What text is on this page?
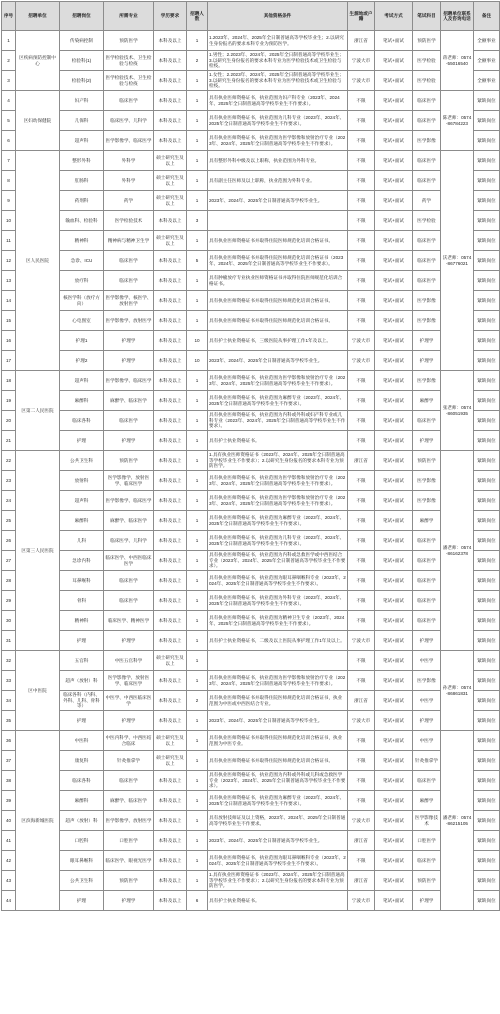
序号	招聘单位	招聘岗位	所需专业	学历要求	招聘人数	其他资格条件	生源地或户籍	考试方式	笔试科目	招聘单位联系人及咨询电话	备注
1	区疾病预防控制中心	传染病控制	预防医学	本科及以上	1	1.2023年、2024年、2025年全日制普通高等学校毕业生；2.以研究生身份报名的要求本科专业为预防医学。	浙江省	笔试+面试	预防医学	蒋老师：0574-55016540	全额事业
2		检验科(1)	医学检验技术、卫生检验与检疫	本科及以上	2	1.男性；2.2023年、2024年、2025年全日制普通高等学校毕业生；3.以研究生身份报名的要求本科专业为医学检验技术或卫生检验与检疫。	宁波大市	笔试+面试	医学检验		全额事业
3		检验科(2)	医学检验技术、卫生检验与检疫	本科及以上	1	1.女性；2.2023年、2024年、2025年全日制普通高等学校毕业生；3.以研究生身份报名的要求本科专业为医学检验技术或卫生检验与检疫。	宁波大市	笔试+面试	医学检验		全额事业
4	区妇幼保健院	妇产科	临床医学	本科及以上	1	具有执业医师资格证书，执业范围为妇产科专业（2023年、2024年、2025年全日制普通高等学校毕业生不作要求）。	不限	笔试+面试	临床医学	陈老师：0574-86784223	紧缺岗位
5		儿保科	临床医学、儿科学	本科及以上	1	具有执业医师资格证书，执业范围为儿科专业（2023年、2024年、2025年全日制普通高等学校毕业生不作要求）。	不限	笔试+面试	临床医学		紧缺岗位
6		超声科	医学影像学、临床医学	本科及以上	1	具有执业医师资格证书，执业范围为医学影像和放射治疗专业（2023年、2024年、2025年全日制普通高等学校毕业生不作要求）。	不限	笔试+面试	医学影像		紧缺岗位
7	区人民医院	整形外科	外科学	硕士研究生及以上	1	具有整形外科中级及以上职称，执业范围为外科专业。	不限	笔试+面试	临床医学	沃老师：0574-86776021	紧缺岗位
8		肛肠科	外科学	硕士研究生及以上	1	具有副主任医师及以上职称，执业范围为外科专业。	不限	笔试+面试	临床医学		紧缺岗位
9		药剂科	药学	硕士研究生及以上	1	2023年、2024年、2025年全日制普通高等学校毕业生。	不限	笔试+面试	药学		紧缺岗位
10		输血科、检验科	医学检验技术	本科及以上	3		不限	笔试+面试	医学检验		紧缺岗位
11		精神科	精神病与精神卫生学	硕士研究生及以上	1	具有执业医师资格证书并取得住院医师规范化培训合格证书。	不限	笔试+面试	临床医学		紧缺岗位
12		急诊、ICU	临床医学	本科及以上	5	具有执业医师资格证书并取得住院医师规范化培训合格证书（2023年、2024年、2025年全日制普通高等学校毕业生不作要求）。	不限	笔试+面试	临床医学		紧缺岗位
13		放疗科	临床医学	本科及以上	1	具有肿瘤放疗专业执业医师资格证书并取得住院医师规范化培训合格证书。	不限	笔试+面试	临床医学		紧缺岗位
14		核医学科（放疗方向）	医学影像学、核医学、放射医学	本科及以上	1	具有执业医师资格证书并取得住院医师规范化培训合格证书。	不限	笔试+面试	医学影像		紧缺岗位
15		心电图室	医学影像学、放射医学	本科及以上	1	具有执业医师资格证书并取得住院医师规范化培训合格证书。	不限	笔试+面试	医学影像		紧缺岗位
16		护理1	护理学	本科及以上	10	具有护士执业资格证书，三级医院从事护理工作1年及以上。	宁波大市	笔试+面试	护理学		紧缺岗位
17		护理2	护理学	本科及以上	10	2023年、2024年、2025年全日制普通高等学校毕业生。	宁波大市	笔试+面试	护理学		紧缺岗位
18	区第二人民医院	超声科	医学影像学、临床医学	本科及以上	1	具有执业医师资格证书，执业范围为医学影像和放射治疗专业（2023年、2024年、2025年全日制普通高等学校毕业生不作要求）。	不限	笔试+面试	医学影像	张老师：0574-86051935	紧缺岗位
19		麻醉科	麻醉学、临床医学	本科及以上	1	具有执业医师资格证书，执业范围为麻醉专业（2023年、2024年、2025年全日制普通高等学校毕业生不作要求）。	不限	笔试+面试	麻醉学		紧缺岗位
20		临床各科	临床医学	本科及以上	1	具有执业医师资格证书，执业范围为内科或外科或妇产科专业或儿科专业（2023年、2024年、2025年全日制普通高等学校毕业生不作要求）。	不限	笔试+面试	临床医学		紧缺岗位
21		护理	护理学	本科及以上	1	具有护士执业资格证书。	不限	笔试+面试	护理学		紧缺岗位
22	区第三人民医院	公共卫生科	预防医学	本科及以上	1	1.具有执业医师资格证书（2023年、2024年、2025年全日制普通高等学校毕业生不作要求）；2.以研究生身份报名的要求本科专业为预防医学。	浙江省	笔试+面试	预防医学	潘老师：0574-86162378	紧缺岗位
23		放射科	医学影像学、放射医学、临床医学	本科及以上	1	具有执业医师资格证书，执业范围为医学影像和放射治疗专业（2023年、2024年、2025年全日制普通高等学校毕业生不作要求）。	不限	笔试+面试	医学影像		紧缺岗位
24		超声科	医学影像学、临床医学	本科及以上	1	具有执业医师资格证书，执业范围为医学影像和放射治疗专业（2023年、2024年、2025年全日制普通高等学校毕业生不作要求）。	不限	笔试+面试	医学影像		紧缺岗位
25		麻醉科	麻醉学、临床医学	本科及以上	1	具有执业医师资格证书，执业范围为麻醉专业（2023年、2024年、2025年全日制普通高等学校毕业生不作要求）。	不限	笔试+面试	麻醉学		紧缺岗位
26		儿科	临床医学、儿科学	本科及以上	1	具有执业医师资格证书，执业范围为儿科专业（2023年、2024年、2025年全日制普通高等学校毕业生不作要求）。	不限	笔试+面试	临床医学		紧缺岗位
27		急诊内科	临床医学、中西医临床医学	本科及以上	1	具有执业医师资格证书，执业范围为内科或急救医学或中西医结合专业（2023年、2024年、2025年全日制普通高等学校毕业生不作要求）。	不限	笔试+面试	临床医学		紧缺岗位
28		耳鼻喉科	临床医学	本科及以上	1	具有执业医师资格证书，执业范围为眼耳鼻咽喉科专业（2023年、2024年、2025年全日制普通高等学校毕业生不作要求）。	不限	笔试+面试	临床医学		紧缺岗位
29		骨科	临床医学	本科及以上	1	具有执业医师资格证书，执业范围为外科专业（2023年、2024年、2025年全日制普通高等学校毕业生不作要求）。	不限	笔试+面试	临床医学		紧缺岗位
30		精神科	临床医学、精神医学	本科及以上	1	具有执业医师资格证书，执业范围为精神卫生专业（2023年、2024年、2025年全日制普通高等学校毕业生不作要求）。	不限	笔试+面试	临床医学		紧缺岗位
31		护理	护理学	本科及以上	1	具有护士执业资格证书，二级及以上医院从事护理工作1年及以上。	宁波大市	笔试+面试	护理学		紧缺岗位
32	区中医院	五官科	中医五官科学	硕士研究生及以上	1		不限	笔试+面试	中医学	孙老师：0574-86861831	紧缺岗位
33		超声（放射）科	医学影像学、放射医学、临床医学	本科及以上	1	具有执业医师资格证书，执业范围为医学影像和放射治疗专业（2023年、2024年、2025年全日制普通高等学校毕业生不作要求）。	不限	笔试+面试	医学影像		紧缺岗位
34		临床各科（内科、外科、儿科、骨科等）	中医学、中西医临床医学	本科及以上	2	具有执业医师资格证书并取得住院医师规范化培训合格证书，执业范围为中医或中西医结合专业。	浙江省	笔试+面试	中医学		紧缺岗位
35		护理	护理学	本科及以上	1	2023年、2024年、2025年全日制普通高等学校毕业生。	宁波大市	笔试+面试	护理学		紧缺岗位
36	区滨海新城医院	中医科	中医内科学、中西医结合临床	硕士研究生及以上	1	具有执业医师资格证书并取得住院医师规范化培训合格证书，执业范围为中医专业。	不限	笔试+面试	中医学	潘老师：0574-86215105	紧缺岗位
37		康复科	针灸推拿学	硕士研究生及以上	1	具有执业医师资格证书并取得住院医师规范化培训合格证书。	不限	笔试+面试	针灸推拿学		紧缺岗位
38		临床各科	临床医学	本科及以上	1	具有执业医师资格证书，执业范围为内科或外科或儿科或急救医学专业（2023年、2024年、2025年全日制普通高等学校毕业生不作要求）。	不限	笔试+面试	临床医学		紧缺岗位
39		麻醉科	麻醉学、临床医学	本科及以上	1	具有执业医师资格证书，执业范围为麻醉专业（2023年、2024年、2025年全日制普通高等学校毕业生不作要求）。	不限	笔试+面试	麻醉学		紧缺岗位
40		超声（放射）科	医学影像学、放射医学	本科及以上	1	具有放射技师证及以上资格，2023年、2024年、2025年全日制普通高等学校毕业生不作要求。	宁波大市	笔试+面试	医学影像技术		紧缺岗位
41		口腔科	口腔医学	本科及以上	1	2023年、2024年、2025年全日制普通高等学校毕业生。	浙江省	笔试+面试	口腔医学		紧缺岗位
42		眼耳鼻喉科	临床医学、眼视光医学	本科及以上	1	具有执业医师资格证书，执业范围为眼耳鼻咽喉科专业（2023年、2024年、2025年全日制普通高等学校毕业生不作要求）。	不限	笔试+面试	临床医学		紧缺岗位
43		公共卫生科	预防医学	本科及以上	1	1.具有执业医师资格证书（2023年、2024年、2025年全日制普通高等学校毕业生不作要求）；2.以研究生身份报名的要求本科专业为预防医学。	浙江省	笔试+面试	预防医学		紧缺岗位
44		护理	护理学	本科及以上	6	具有护士执业资格证书。	宁波大市	笔试+面试	护理学		紧缺岗位
